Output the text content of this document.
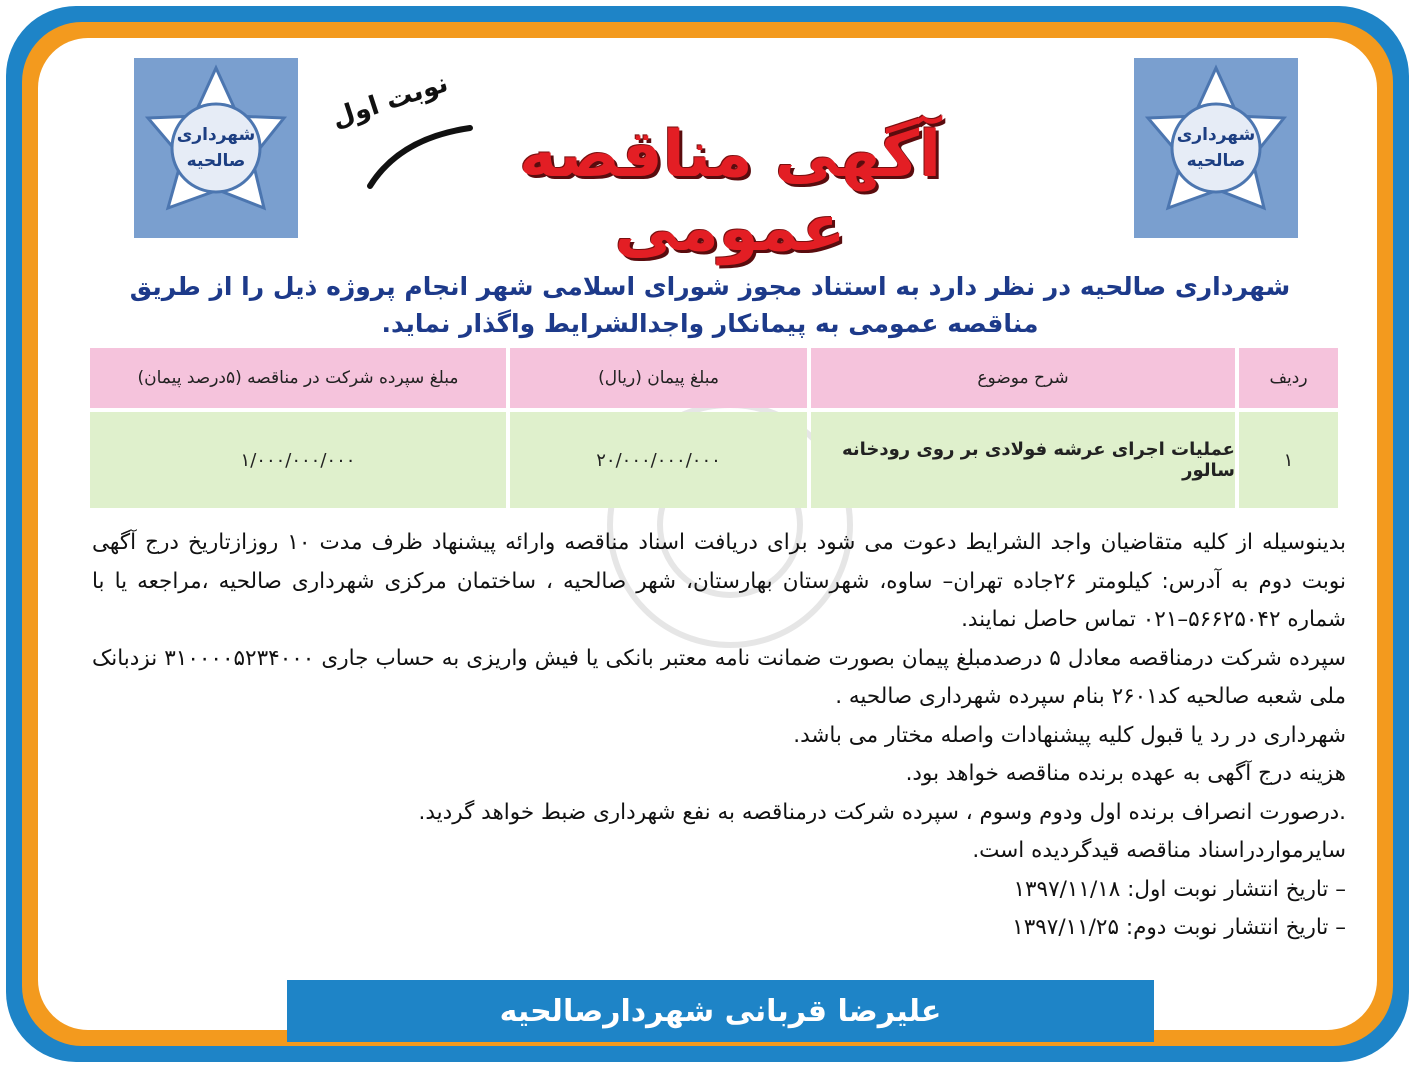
شهرداری
صالحیه
شهرداری
صالحیه
نوبت اول
آگهی مناقصه عمومی
شهرداری صالحیه در نظر دارد به استناد مجوز شورای اسلامی شهر انجام پروژه ذیل را از طریق مناقصه عمومی به پیمانکار واجدالشرایط واگذار نماید.
ردیف
شرح موضوع
مبلغ پیمان (ریال)
مبلغ سپرده شرکت در مناقصه (۵درصد پیمان)
۱
عملیات اجرای عرشه فولادی بر روی رودخانه سالور
۲۰/۰۰۰/۰۰۰/۰۰۰
۱/۰۰۰/۰۰۰/۰۰۰

بدینوسیله از کلیه متقاضیان واجد الشرایط دعوت می شود برای دریافت اسناد مناقصه وارائه پیشنهاد ظرف مدت ۱۰ روزازتاریخ درج آگهی نوبت دوم به آدرس: کیلومتر ۲۶جاده تهران– ساوه، شهرستان بهارستان، شهر صالحیه ، ساختمان مرکزی شهرداری صالحیه ،مراجعه یا با شماره ۵۶۶۲۵۰۴۲–۰۲۱ تماس حاصل نمایند.

سپرده شرکت درمناقصه معادل ۵ درصدمبلغ پیمان بصورت ضمانت نامه معتبر بانکی یا فیش واریزی به حساب جاری ۳۱۰۰۰۰۵۲۳۴۰۰۰ نزدبانک ملی شعبه صالحیه کد۲۶۰۱ بنام سپرده شهرداری صالحیه .

شهرداری در رد یا قبول کلیه پیشنهادات واصله مختار می باشد.

هزینه درج آگهی به عهده برنده مناقصه خواهد بود.

.درصورت انصراف برنده اول ودوم وسوم ، سپرده شرکت درمناقصه به نفع شهرداری ضبط خواهد گردید.

سایرمواردراسناد مناقصه قیدگردیده است.

– تاریخ انتشار نوبت اول: ۱۳۹۷/۱۱/۱۸

– تاریخ انتشار نوبت دوم: ۱۳۹۷/۱۱/۲۵

علیرضا قربانی شهردارصالحیه
